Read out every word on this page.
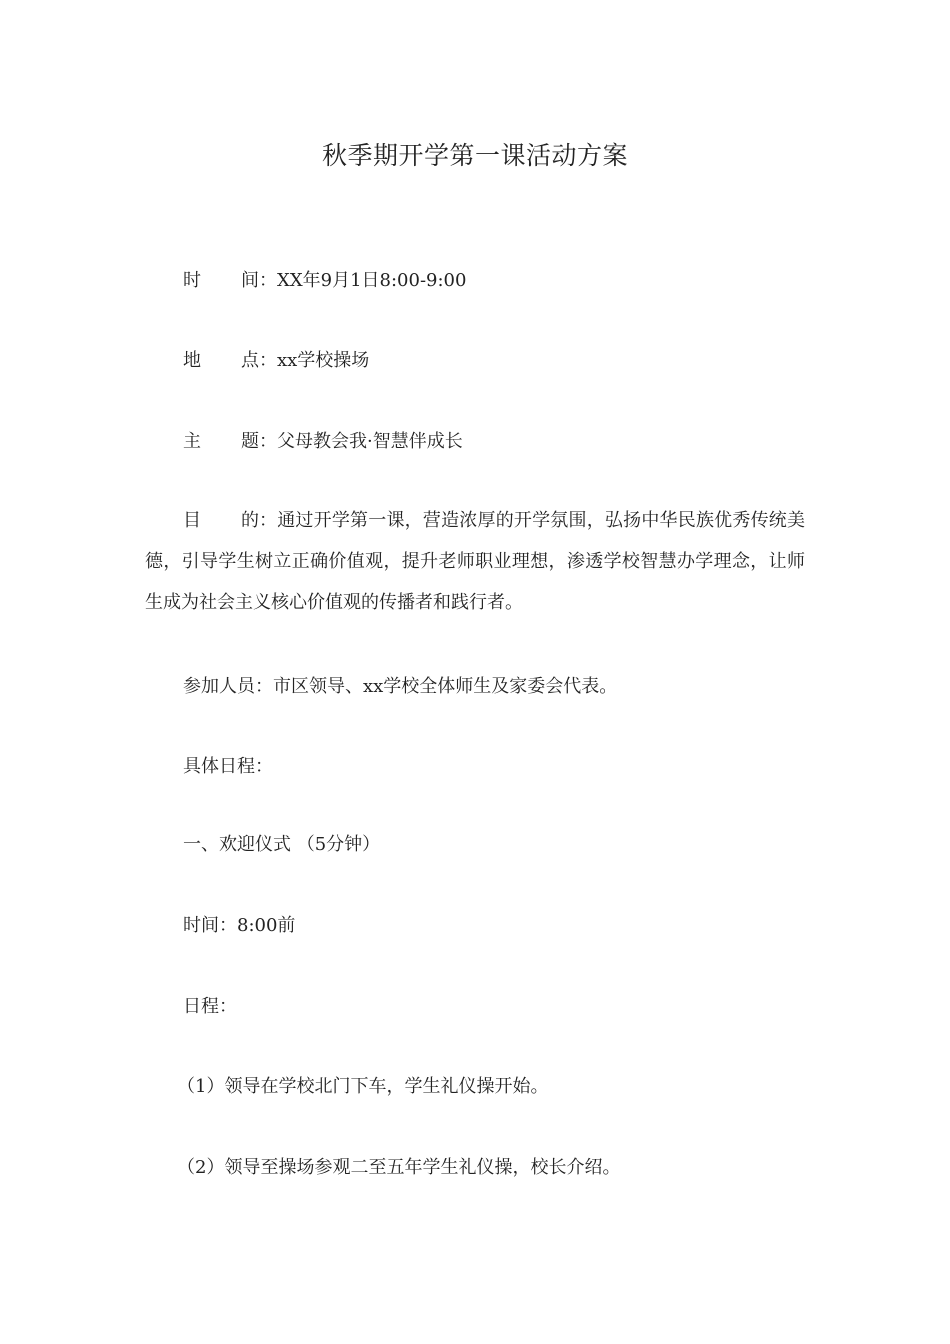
秋季期开学第一课活动方案
时 间： XX年9月1日8:00-9:00
地 点： xx学校操场
主 题： 父母教会我·智慧伴成长
目 的： 通过开学第一课，营造浓厚的开学氛围，弘扬中华民族优秀传统美德，引导学生树立正确价值观，提升老师职业理想，渗透学校智慧办学理念，让师生成为社会主义核心价值观的传播者和践行者。
参加人员：市区领导、xx学校全体师生及家委会代表。
具体日程：
一、欢迎仪式 （5分钟）
时间：8:00前
日程：
（1）领导在学校北门下车，学生礼仪操开始。
（2）领导至操场参观二至五年学生礼仪操，校长介绍。
